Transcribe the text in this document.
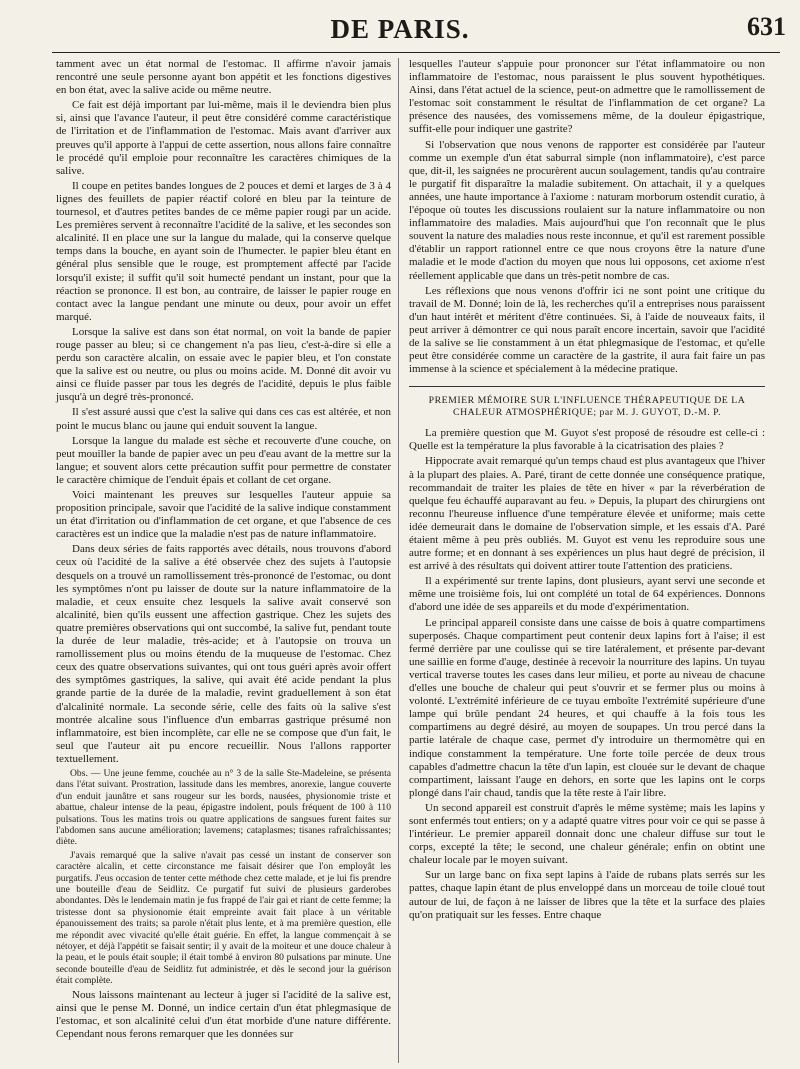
DE PARIS.	631

tamment avec un état normal de l'estomac. Il affirme n'avoir jamais rencontré une seule personne ayant bon appétit et les fonctions digestives en bon état, avec la salive acide ou même neutre.

Ce fait est déjà important par lui-même, mais il le deviendra bien plus si, ainsi que l'avance l'auteur, il peut être considéré comme caractéristique de l'irritation et de l'inflammation de l'estomac. Mais avant d'arriver aux preuves qu'il apporte à l'appui de cette assertion, nous allons faire connaître le procédé qu'il emploie pour reconnaître les caractères chimiques de la salive.

Il coupe en petites bandes longues de 2 pouces et demi et larges de 3 à 4 lignes des feuillets de papier réactif coloré en bleu par la teinture de tournesol, et d'autres petites bandes de ce même papier rougi par un acide. Les premières servent à reconnaître l'acidité de la salive, et les secondes son alcalinité. Il en place une sur la langue du malade, qui la conserve quelque temps dans la bouche, en ayant soin de l'humecter. le papier bleu étant en général plus sensible que le rouge, est promptement affecté par l'acide lorsqu'il existe; il suffit qu'il soit humecté pendant un instant, pour que la réaction se prononce. Il est bon, au contraire, de laisser le papier rouge en contact avec la langue pendant une minute ou deux, pour avoir un effet marqué.

Lorsque la salive est dans son état normal, on voit la bande de papier rouge passer au bleu; si ce changement n'a pas lieu, c'est-à-dire si elle a perdu son caractère alcalin, on essaie avec le papier bleu, et l'on constate que la salive est ou neutre, ou plus ou moins acide. M. Donné dit avoir vu ainsi ce fluide passer par tous les degrés de l'acidité, depuis le plus faible jusqu'à un degré très-prononcé.

Il s'est assuré aussi que c'est la salive qui dans ces cas est altérée, et non point le mucus blanc ou jaune qui enduit souvent la langue.

Lorsque la langue du malade est sèche et recouverte d'une couche, on peut mouiller la bande de papier avec un peu d'eau avant de la mettre sur la langue; et souvent alors cette précaution suffit pour permettre de constater le caractère chimique de l'enduit épais et collant de cet organe.

Voici maintenant les preuves sur lesquelles l'auteur appuie sa proposition principale, savoir que l'acidité de la salive indique constamment un état d'irritation ou d'inflammation de cet organe, et que l'absence de ces caractères est un indice que la maladie n'est pas de nature inflammatoire.

Dans deux séries de faits rapportés avec détails, nous trouvons d'abord ceux où l'acidité de la salive a été observée chez des sujets à l'autopsie desquels on a trouvé un ramollissement très-prononcé de l'estomac, ou dont les symptômes n'ont pu laisser de doute sur la nature inflammatoire de la maladie, et ceux ensuite chez lesquels la salive avait conservé son alcalinité, bien qu'ils eussent une affection gastrique. Chez les sujets des quatre premières observations qui ont succombé, la salive fut, pendant toute la durée de leur maladie, très-acide; et à l'autopsie on trouva un ramollissement plus ou moins étendu de la muqueuse de l'estomac. Chez ceux des quatre observations suivantes, qui ont tous guéri après avoir offert des symptômes gastriques, la salive, qui avait été acide pendant la plus grande partie de la durée de la maladie, revint graduellement à son état d'alcalinité normale. La seconde série, celle des faits où la salive s'est montrée alcaline sous l'influence d'un embarras gastrique présumé non inflammatoire, est bien incomplète, car elle ne se compose que d'un fait, le seul que l'auteur ait pu encore recueillir. Nous l'allons rapporter textuellement.

Obs. — Une jeune femme, couchée au n° 3 de la salle Ste-Madeleine, se présenta dans l'état suivant. Prostration, lassitude dans les membres, anorexie, langue couverte d'un enduit jaunâtre et sans rougeur sur les bords, nausées, physionomie triste et abattue, chaleur intense de la peau, épigastre indolent, pouls fréquent de 100 à 110 pulsations. Tous les matins trois ou quatre applications de sangsues furent faites sur l'abdomen sans aucune amélioration; lavemens; cataplasmes; tisanes rafraîchissantes; diète.

J'avais remarqué que la salive n'avait pas cessé un instant de conserver son caractère alcalin, et cette circonstance me faisait désirer que l'on employât les purgatifs. J'eus occasion de tenter cette méthode chez cette malade, et je lui fis prendre une bouteille d'eau de Seidlitz. Ce purgatif fut suivi de plusieurs garderobes abondantes. Dès le lendemain matin je fus frappé de l'air gai et riant de cette femme; la tristesse dont sa physionomie était empreinte avait fait place à un véritable épanouissement des traits; sa parole n'était plus lente, et à ma première question, elle me répondit avec vivacité qu'elle était guérie. En effet, la langue commençait à se nétoyer, et déjà l'appétit se faisait sentir; il y avait de la moiteur et une douce chaleur à la peau, et le pouls était souple; il était tombé à environ 80 pulsations par minute. Une seconde bouteille d'eau de Seidlitz fut administrée, et dès le second jour la guérison était complète.

Nous laissons maintenant au lecteur à juger si l'acidité de la salive est, ainsi que le pense M. Donné, un indice certain d'un état phlegmasique de l'estomac, et son alcalinité celui d'un état morbide d'une nature différente. Cependant nous ferons remarquer que les données sur

lesquelles l'auteur s'appuie pour prononcer sur l'état inflammatoire ou non inflammatoire de l'estomac, nous paraissent le plus souvent hypothétiques. Ainsi, dans l'état actuel de la science, peut-on admettre que le ramollissement de l'estomac soit constamment le résultat de l'inflammation de cet organe? La présence des nausées, des vomissemens même, de la douleur épigastrique, suffit-elle pour indiquer une gastrite?

Si l'observation que nous venons de rapporter est considérée par l'auteur comme un exemple d'un état saburral simple (non inflammatoire), c'est parce que, dit-il, les saignées ne procurèrent aucun soulagement, tandis qu'au contraire le purgatif fit disparaître la maladie subitement. On attachait, il y a quelques années, une haute importance à l'axiome : naturam morborum ostendit curatio, à l'époque où toutes les discussions roulaient sur la nature inflammatoire ou non inflammatoire des maladies. Mais aujourd'hui que l'on reconnaît que le plus souvent la nature des maladies nous reste inconnue, et qu'il est rarement possible d'établir un rapport rationnel entre ce que nous croyons être la nature d'une maladie et le mode d'action du moyen que nous lui opposons, cet axiome n'est réellement applicable que dans un très-petit nombre de cas.

Les réflexions que nous venons d'offrir ici ne sont point une critique du travail de M. Donné; loin de là, les recherches qu'il a entreprises nous paraissent d'un haut intérêt et méritent d'être continuées. Si, à l'aide de nouveaux faits, il peut arriver à démontrer ce qui nous paraît encore incertain, savoir que l'acidité de la salive se lie constamment à un état phlegmasique de l'estomac, et qu'elle peut être considérée comme un caractère de la gastrite, il aura fait faire un pas immense à la science et spécialement à la médecine pratique.

PREMIER MÉMOIRE SUR L'INFLUENCE THÉRAPEUTIQUE DE LA CHALEUR ATMOSPHÉRIQUE; par M. J. GUYOT, D.-M. P.

La première question que M. Guyot s'est proposé de résoudre est celle-ci : Quelle est la température la plus favorable à la cicatrisation des plaies ?

Hippocrate avait remarqué qu'un temps chaud est plus avantageux que l'hiver à la plupart des plaies. A. Paré, tirant de cette donnée une conséquence pratique, recommandait de traiter les plaies de tête en hiver « par la réverbération de quelque feu échauffé auparavant au feu. » Depuis, la plupart des chirurgiens ont reconnu l'heureuse influence d'une température élevée et uniforme; mais cette idée demeurait dans le domaine de l'observation simple, et les essais d'A. Paré étaient même à peu près oubliés. M. Guyot est venu les reproduire sous une autre forme; et en donnant à ses expériences un plus haut degré de précision, il est arrivé à des résultats qui doivent attirer toute l'attention des praticiens.

Il a expérimenté sur trente lapins, dont plusieurs, ayant servi une seconde et même une troisième fois, lui ont complété un total de 64 expériences. Donnons d'abord une idée de ses appareils et du mode d'expérimentation.

Le principal appareil consiste dans une caisse de bois à quatre compartimens superposés. Chaque compartiment peut contenir deux lapins fort à l'aise; il est fermé derrière par une coulisse qui se tire latéralement, et présente par-devant une saillie en forme d'auge, destinée à recevoir la nourriture des lapins. Un tuyau vertical traverse toutes les cases dans leur milieu, et porte au niveau de chacune d'elles une bouche de chaleur qui peut s'ouvrir et se fermer plus ou moins à volonté. L'extrémité inférieure de ce tuyau emboîte l'extrémité supérieure d'une lampe qui brûle pendant 24 heures, et qui chauffe à la fois tous les compartimens au degré désiré, au moyen de soupapes. Un trou percé dans la partie latérale de chaque case, permet d'y introduire un thermomètre qui en indique constamment la température. Une forte toile percée de deux trous capables d'admettre chacun la tête d'un lapin, est clouée sur le devant de chaque compartiment, laissant l'auge en dehors, en sorte que les lapins ont le corps plongé dans l'air chaud, tandis que la tête reste à l'air libre.

Un second appareil est construit d'après le même système; mais les lapins y sont enfermés tout entiers; on y a adapté quatre vitres pour voir ce qui se passe à l'intérieur. Le premier appareil donnait donc une chaleur diffuse sur tout le corps, excepté la tête; le second, une chaleur générale; enfin on obtint une chaleur locale par le moyen suivant.

Sur un large banc on fixa sept lapins à l'aide de rubans plats serrés sur les pattes, chaque lapin étant de plus enveloppé dans un morceau de toile cloué tout autour de lui, de façon à ne laisser de libres que la tête et la surface des plaies qu'on pratiquait sur les fesses. Entre chaque
